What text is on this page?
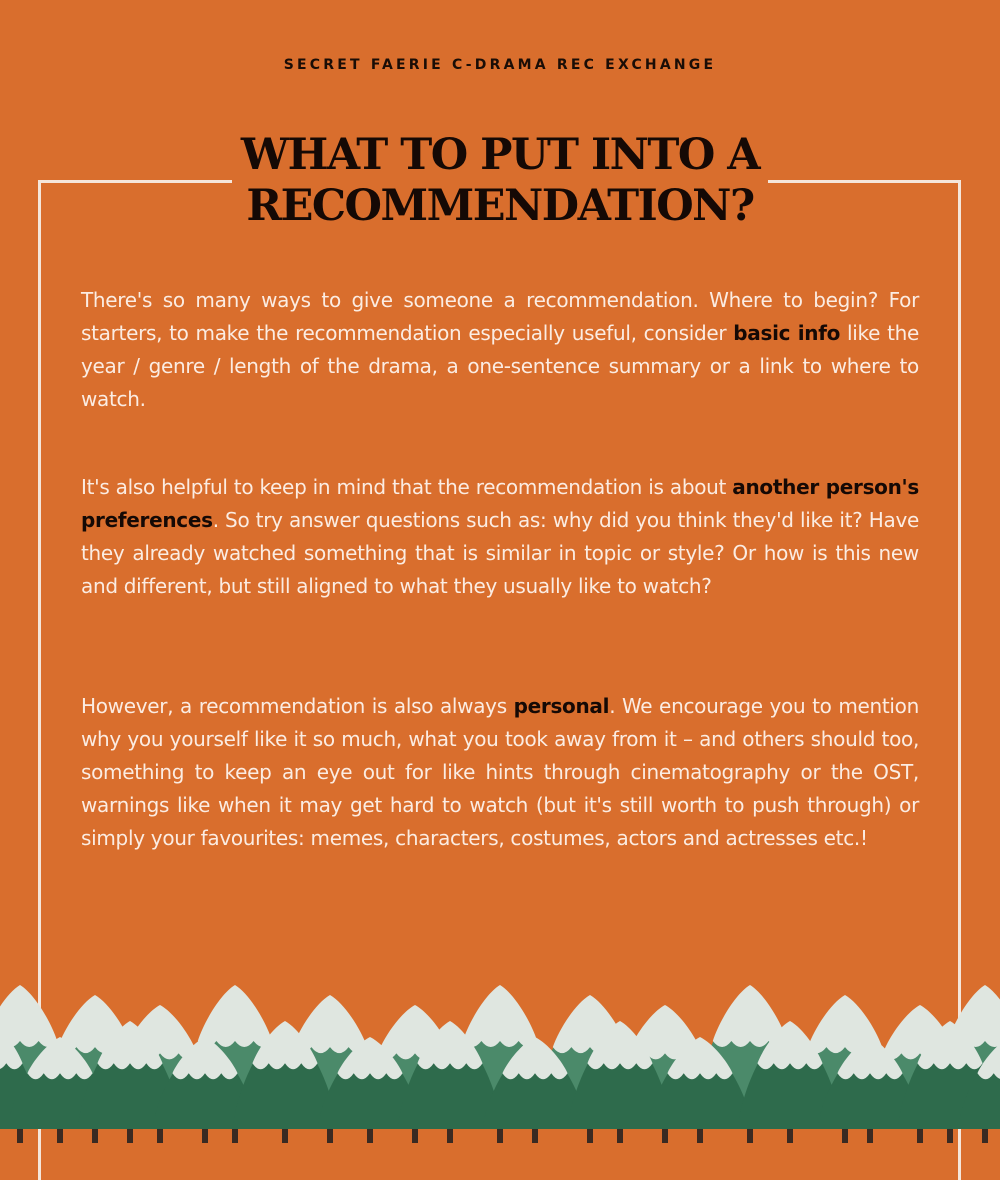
SECRET FAERIE C-DRAMA REC EXCHANGE
WHAT TO PUT INTO A
RECOMMENDATION?

There's so many ways to give someone a recommendation. Where to begin? For starters, to make the recommendation especially useful, consider basic info like the year / genre / length of the drama, a one-sentence summary or a link to where to watch.

It's also helpful to keep in mind that the recommendation is about another person's preferences. So try answer questions such as: why did you think they'd like it? Have they already watched something that is similar in topic or style? Or how is this new and different, but still aligned to what they usually like to watch?

However, a recommendation is also always personal. We encourage you to mention why you yourself like it so much, what you took away from it – and others should too, something to keep an eye out for like hints through cinematography or the OST, warnings like when it may get hard to watch (but it's still worth to push through) or simply your favourites: memes, characters, costumes, actors and actresses etc.!
